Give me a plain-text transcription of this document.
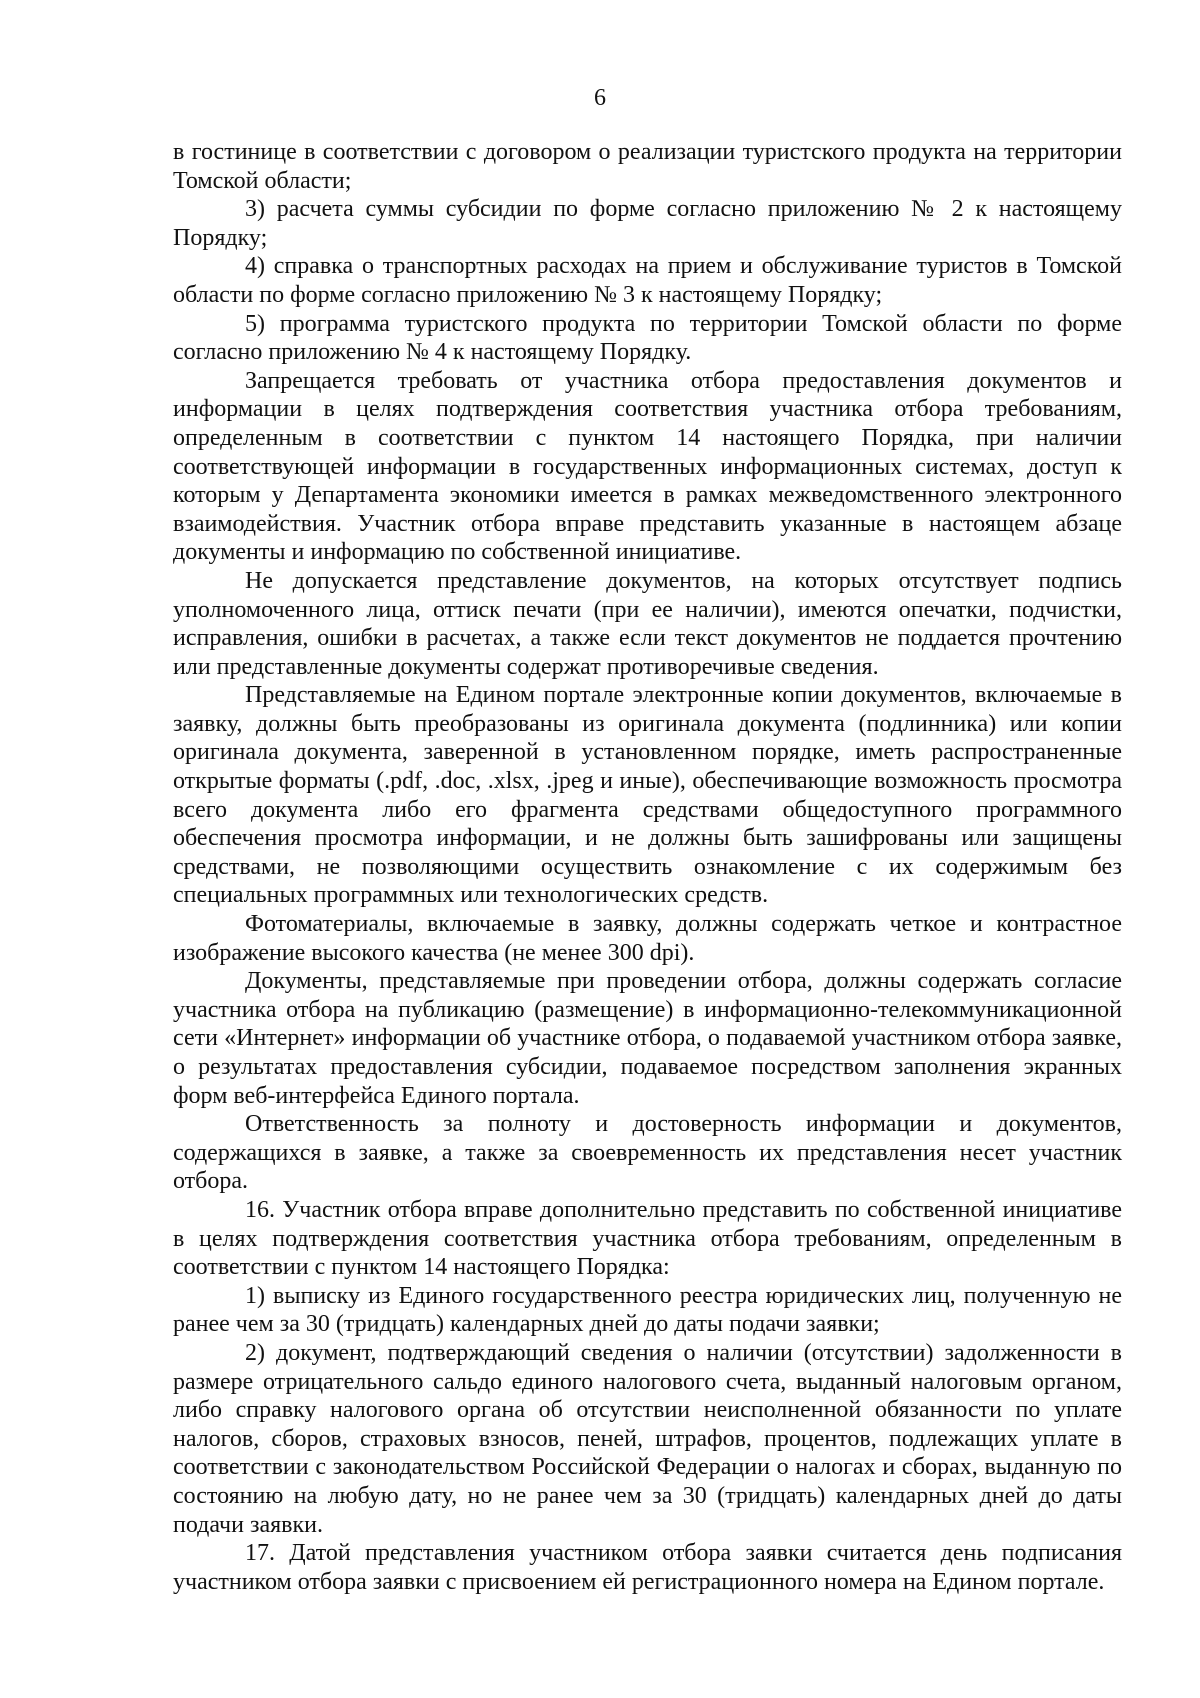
6

в гостинице в соответствии с договором о реализации туристского продукта на территории Томской области;

3) расчета суммы субсидии по форме согласно приложению № 2 к настоящему Порядку;

4) справка о транспортных расходах на прием и обслуживание туристов в Томской области по форме согласно приложению № 3 к настоящему Порядку;

5) программа туристского продукта по территории Томской области по форме согласно приложению № 4 к настоящему Порядку.

Запрещается требовать от участника отбора предоставления документов и информации в целях подтверждения соответствия участника отбора требованиям, определенным в соответствии с пунктом 14 настоящего Порядка, при наличии соответствующей информации в государственных информационных системах, доступ к которым у Департамента экономики имеется в рамках межведомственного электронного взаимодействия. Участник отбора вправе представить указанные в настоящем абзаце документы и информацию по собственной инициативе.

Не допускается представление документов, на которых отсутствует подпись уполномоченного лица, оттиск печати (при ее наличии), имеются опечатки, подчистки, исправления, ошибки в расчетах, а также если текст документов не поддается прочтению или представленные документы содержат противоречивые сведения.

Представляемые на Едином портале электронные копии документов, включаемые в заявку, должны быть преобразованы из оригинала документа (подлинника) или копии оригинала документа, заверенной в установленном порядке, иметь распространенные открытые форматы (.pdf, .doc, .xlsx, .jpeg и иные), обеспечивающие возможность просмотра всего документа либо его фрагмента средствами общедоступного программного обеспечения просмотра информации, и не должны быть зашифрованы или защищены средствами, не позволяющими осуществить ознакомление с их содержимым без специальных программных или технологических средств.

Фотоматериалы, включаемые в заявку, должны содержать четкое и контрастное изображение высокого качества (не менее 300 dpi).

Документы, представляемые при проведении отбора, должны содержать согласие участника отбора на публикацию (размещение) в информационно-телекоммуникационной сети «Интернет» информации об участнике отбора, о подаваемой участником отбора заявке, о результатах предоставления субсидии, подаваемое посредством заполнения экранных форм веб-интерфейса Единого портала.

Ответственность за полноту и достоверность информации и документов, содержащихся в заявке, а также за своевременность их представления несет участник отбора.

16. Участник отбора вправе дополнительно представить по собственной инициативе в целях подтверждения соответствия участника отбора требованиям, определенным в соответствии с пунктом 14 настоящего Порядка:

1) выписку из Единого государственного реестра юридических лиц, полученную не ранее чем за 30 (тридцать) календарных дней до даты подачи заявки;

2) документ, подтверждающий сведения о наличии (отсутствии) задолженности в размере отрицательного сальдо единого налогового счета, выданный налоговым органом, либо справку налогового органа об отсутствии неисполненной обязанности по уплате налогов, сборов, страховых взносов, пеней, штрафов, процентов, подлежащих уплате в соответствии с законодательством Российской Федерации о налогах и сборах, выданную по состоянию на любую дату, но не ранее чем за 30 (тридцать) календарных дней до даты подачи заявки.

17. Датой представления участником отбора заявки считается день подписания участником отбора заявки с присвоением ей регистрационного номера на Едином портале.
